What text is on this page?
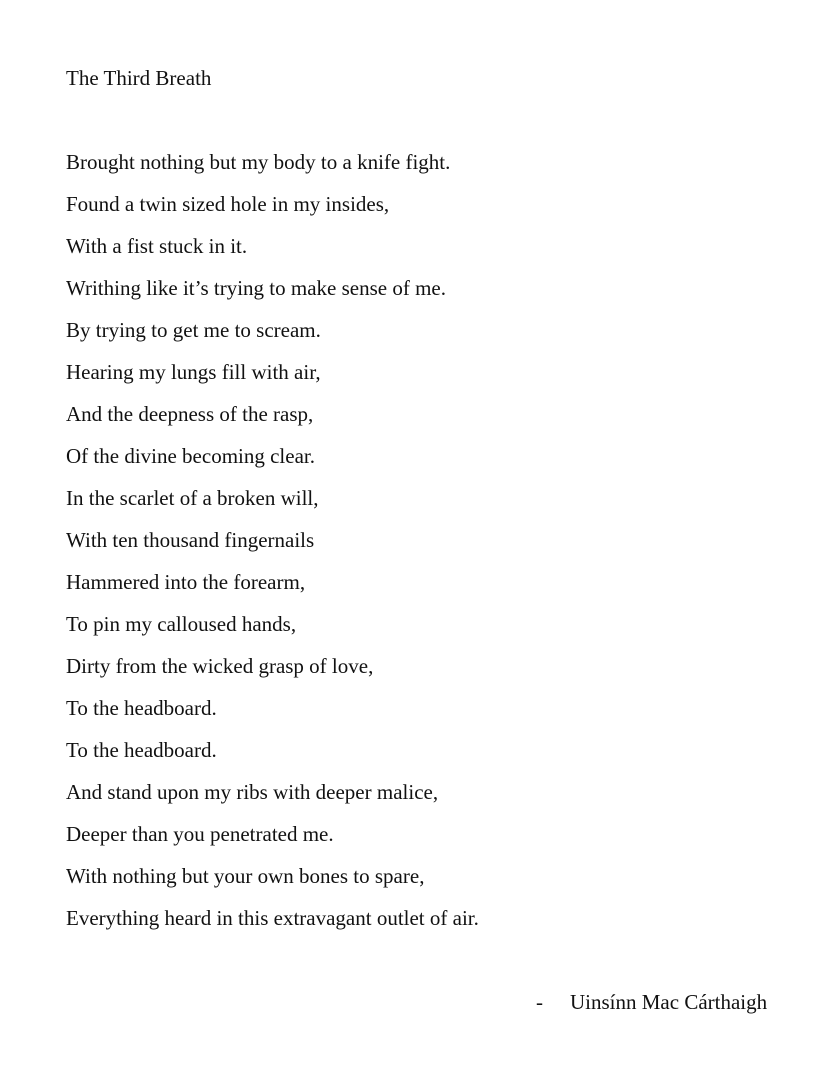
The Third Breath
Brought nothing but my body to a knife fight.
Found a twin sized hole in my insides,
With a fist stuck in it.
Writhing like it’s trying to make sense of me.
By trying to get me to scream.
Hearing my lungs fill with air,
And the deepness of the rasp,
Of the divine becoming clear.
In the scarlet of a broken will,
With ten thousand fingernails
Hammered into the forearm,
To pin my calloused hands,
Dirty from the wicked grasp of love,
To the headboard.
To the headboard.
And stand upon my ribs with deeper malice,
Deeper than you penetrated me.
With nothing but your own bones to spare,
Everything heard in this extravagant outlet of air.
- Uinsínn Mac Cárthaigh
